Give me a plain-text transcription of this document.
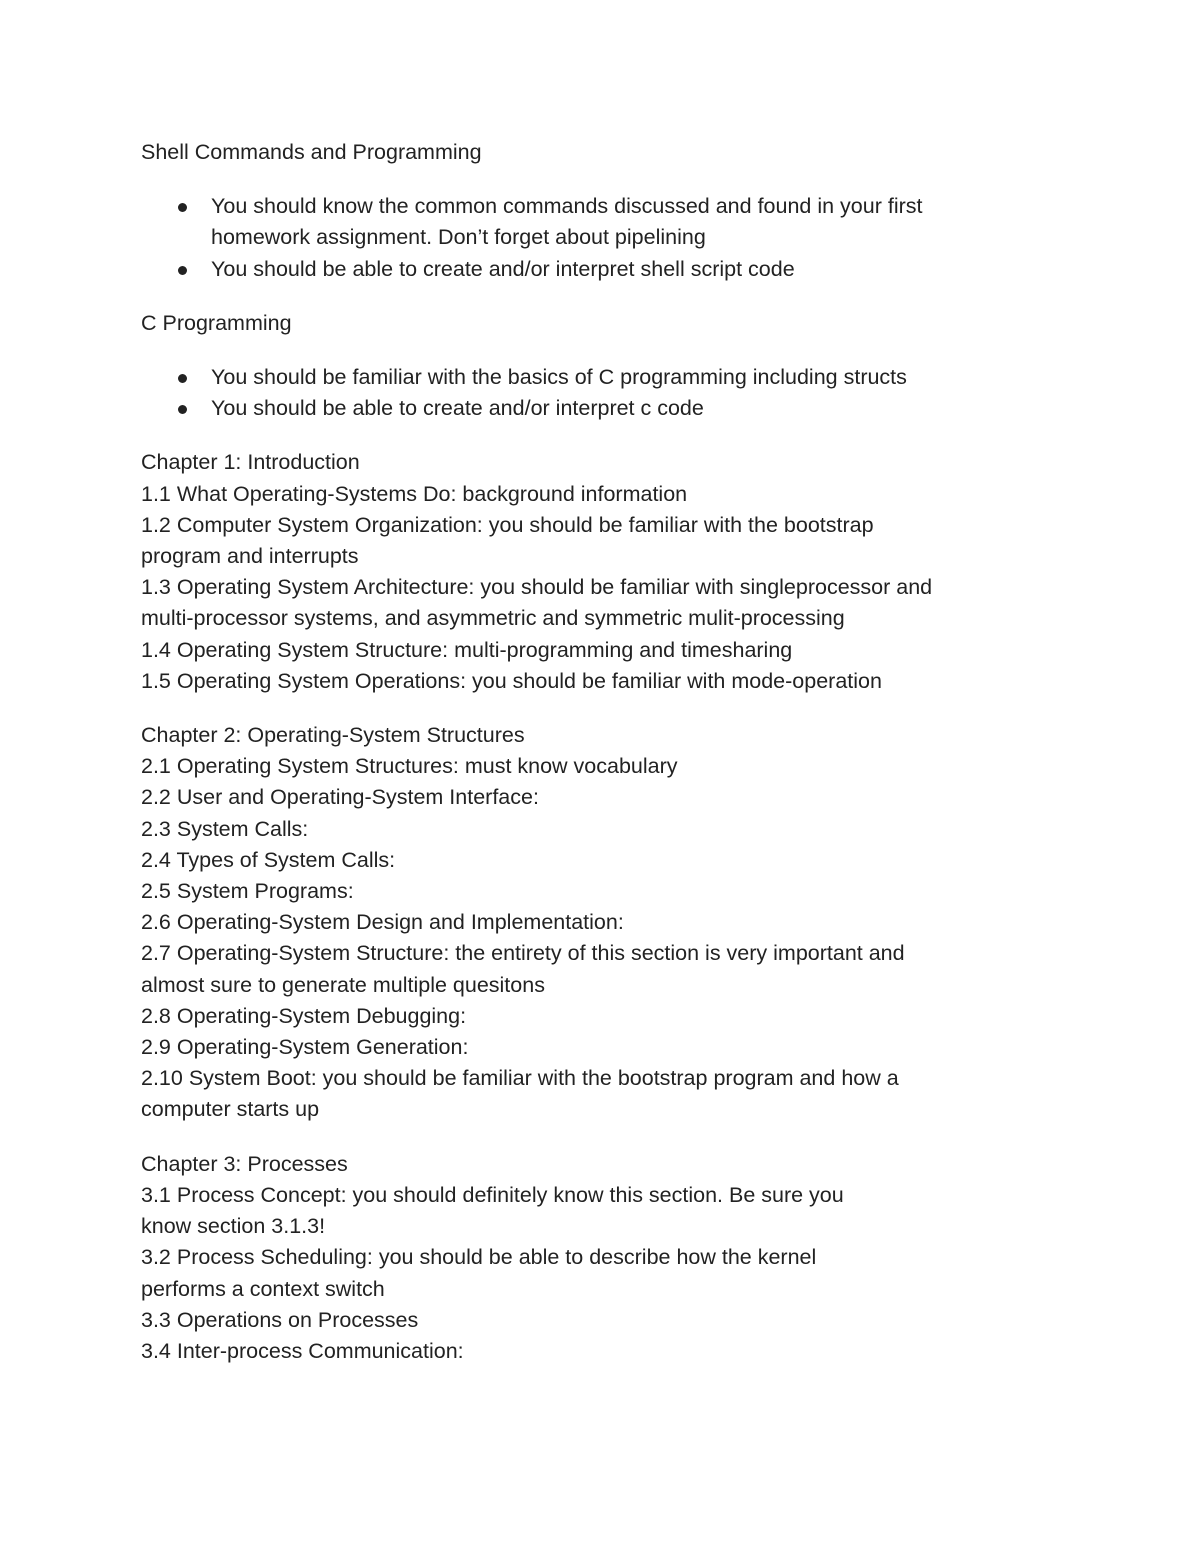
Shell Commands and Programming

You should know the common commands discussed and found in your first homework assignment. Don’t forget about pipelining
You should be able to create and/or interpret shell script code

C Programming

You should be familiar with the basics of C programming including structs
You should be able to create and/or interpret c code

Chapter 1: Introduction

1.1 What Operating-Systems Do: background information

1.2 Computer System Organization: you should be familiar with the bootstrap program and interrupts

1.3 Operating System Architecture: you should be familiar with singleprocessor and multi-processor systems, and asymmetric and symmetric mulit-processing

1.4 Operating System Structure: multi-programming and timesharing

1.5 Operating System Operations: you should be familiar with mode-operation

Chapter 2: Operating-System Structures

2.1 Operating System Structures: must know vocabulary

2.2 User and Operating-System Interface:

2.3 System Calls:

2.4 Types of System Calls:

2.5 System Programs:

2.6 Operating-System Design and Implementation:

2.7 Operating-System Structure: the entirety of this section is very important and almost sure to generate multiple quesitons

2.8 Operating-System Debugging:

2.9 Operating-System Generation:

2.10 System Boot: you should be familiar with the bootstrap program and how a computer starts up

Chapter 3: Processes

3.1 Process Concept: you should definitely know this section. Be sure you know section 3.1.3!

3.2 Process Scheduling: you should be able to describe how the kernel performs a context switch

3.3 Operations on Processes

3.4 Inter-process Communication:
